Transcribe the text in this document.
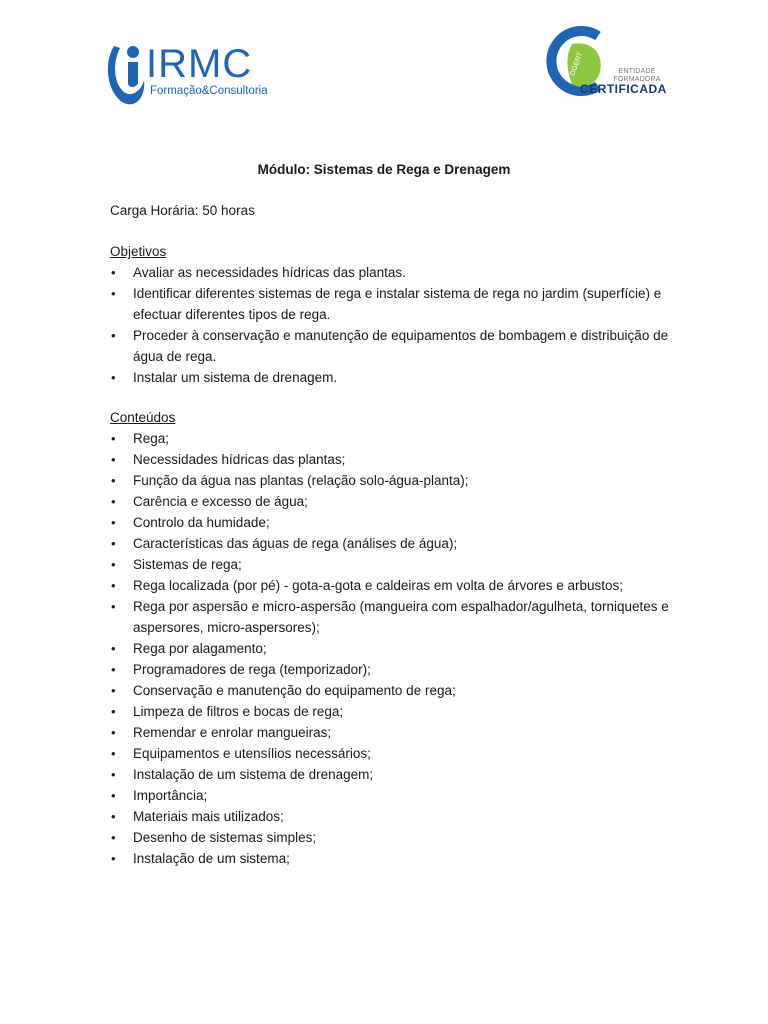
IRMC
Formação&Consultoria
DGERT	ENTIDADE FORMADORA
CERTIFICADA
Módulo: Sistemas de Rega e Drenagem
Carga Horária: 50 horas

Objetivos

• Avaliar as necessidades hídricas das plantas.
• Identificar diferentes sistemas de rega e instalar sistema de rega no jardim (superfície) e efectuar diferentes tipos de rega.
• Proceder à conservação e manutenção de equipamentos de bombagem e distribuição de água de rega.
• Instalar um sistema de drenagem.

Conteúdos

• Rega;
• Necessidades hídricas das plantas;
• Função da água nas plantas (relação solo-água-planta);
• Carência e excesso de água;
• Controlo da humidade;
• Características das águas de rega (análises de água);
• Sistemas de rega;
• Rega localizada (por pé) - gota-a-gota e caldeiras em volta de árvores e arbustos;
• Rega por aspersão e micro-aspersão (mangueira com espalhador/agulheta, torniquetes e aspersores, micro-aspersores);
• Rega por alagamento;
• Programadores de rega (temporizador);
• Conservação e manutenção do equipamento de rega;
• Limpeza de filtros e bocas de rega;
• Remendar e enrolar mangueiras;
• Equipamentos e utensílios necessários;
• Instalação de um sistema de drenagem;
• Importância;
• Materiais mais utilizados;
• Desenho de sistemas simples;
• Instalação de um sistema;
